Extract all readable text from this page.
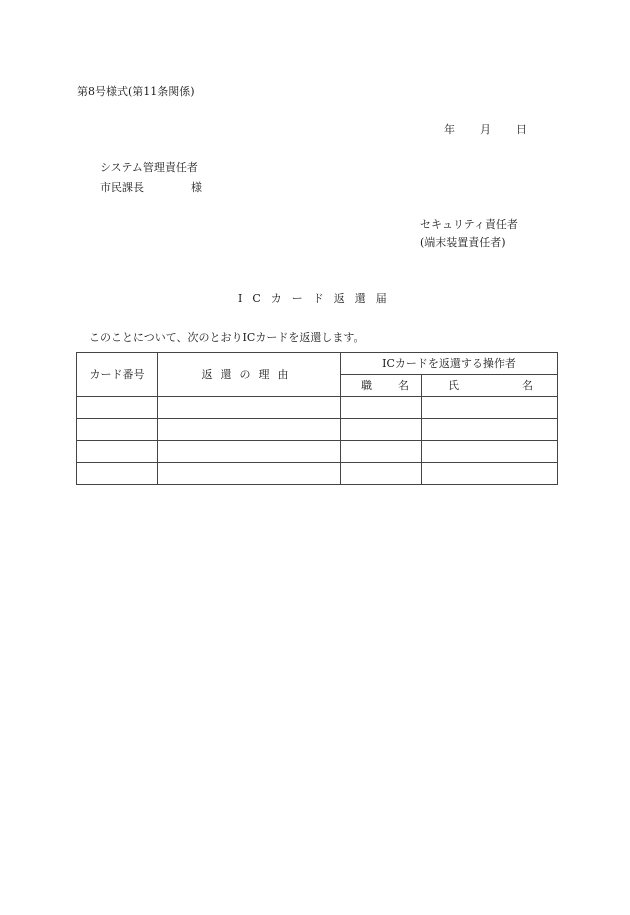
第8号様式(第11条関係)
年 月 日
システム管理責任者
市民課長	様
セキュリティ責任者
(端末装置責任者)
ICカード返還届
このことについて、次のとおりICカードを返還します。
カード番号	返還の理由	ICカードを返還する操作者	

		職 名	氏 名
